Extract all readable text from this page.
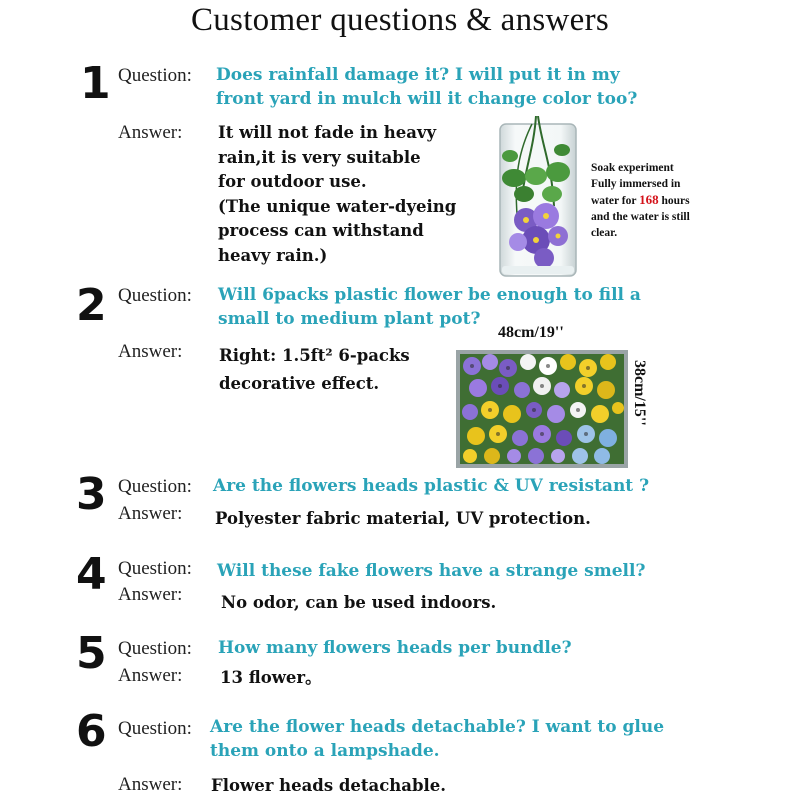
Customer questions & answers
1 Question: Does rainfall damage it? I will put it in my
front yard in mulch will it change color too?
Answer: It will not fade in heavy
rain,it is very suitable
for outdoor use.
(The unique water-dyeing
process can withstand
heavy rain.)
Soak experiment
Fully immersed in
water for 168 hours
and the water is still
clear.
2 Question: Will 6packs plastic flower be enough to fill a
small to medium plant pot?
Answer: Right: 1.5ft² 6-packs
decorative effect.
48cm/19''
38cm/15''
3 Question: Are the flowers heads plastic & UV resistant ?
Answer: Polyester fabric material, UV protection.
4 Question: Will these fake flowers have a strange smell?
Answer: No odor, can be used indoors.
5 Question: How many flowers heads per bundle?
Answer: 13 flower。
6 Question: Are the flower heads detachable? I want to glue
them onto a lampshade.
Answer: Flower heads detachable.
